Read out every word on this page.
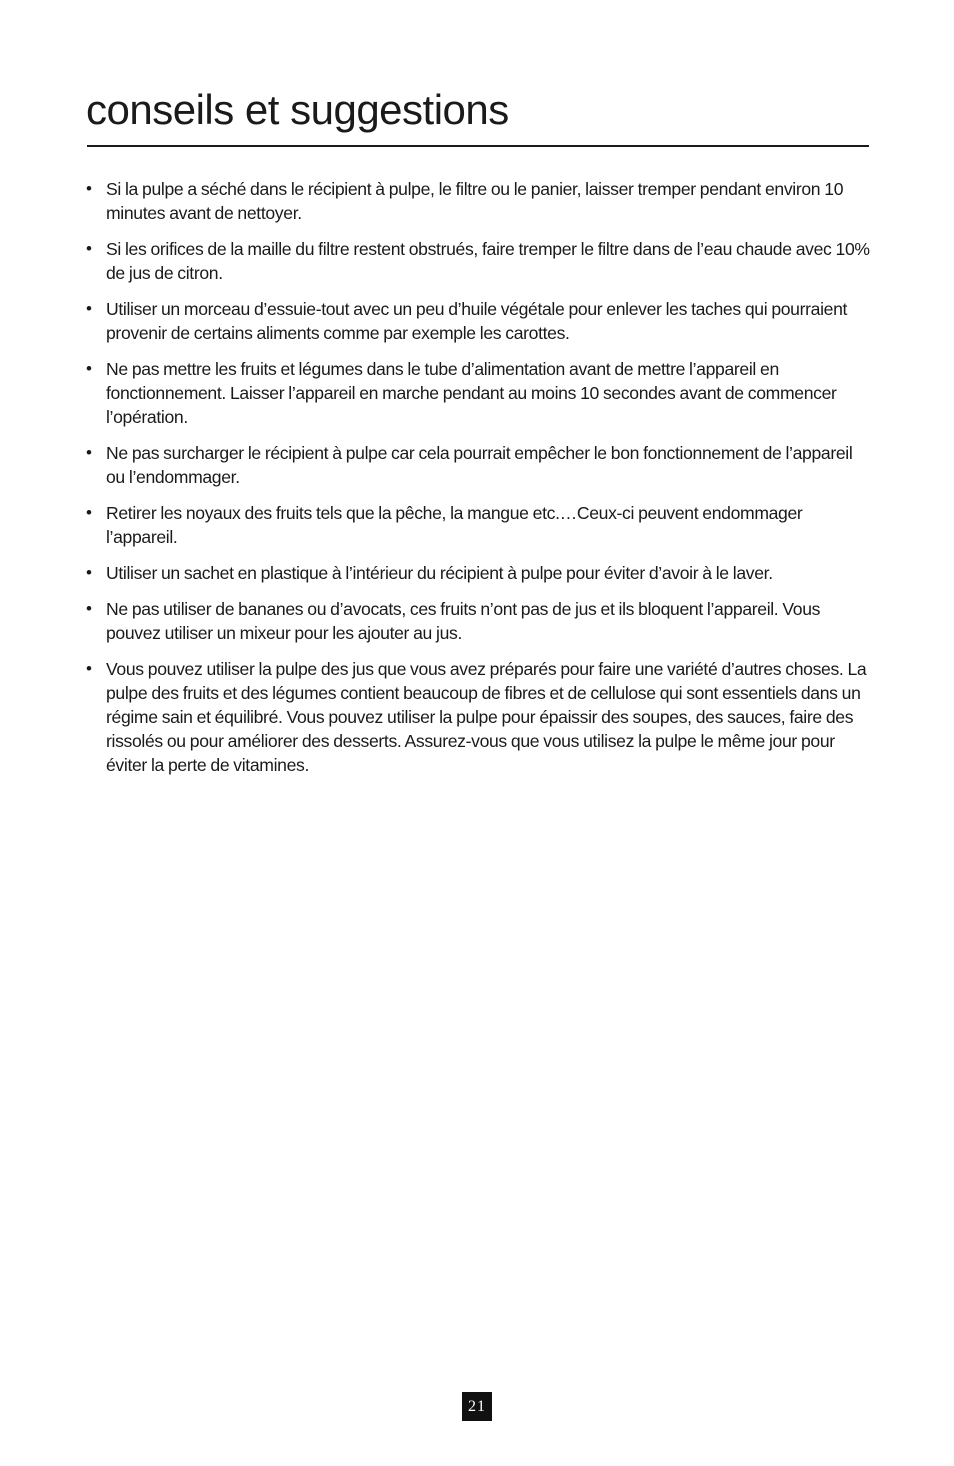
conseils et suggestions
• Si la pulpe a séché dans le récipient à pulpe, le filtre ou le panier, laisser tremper pendant environ 10 minutes avant de nettoyer.
• Si les orifices de la maille du filtre restent obstrués, faire tremper le filtre dans de l’eau chaude avec 10% de jus de citron.
• Utiliser un morceau d’essuie-tout avec un peu d’huile végétale pour enlever les taches qui pourraient provenir de certains aliments comme par exemple les carottes.
• Ne pas mettre les fruits et légumes dans le tube d’alimentation avant de mettre l’appareil en fonctionnement. Laisser l’appareil en marche pendant au moins 10 secondes avant de commencer l’opération.
• Ne pas surcharger le récipient à pulpe car cela pourrait empêcher le bon fonctionnement de l’appareil ou l’endommager.
• Retirer les noyaux des fruits tels que la pêche, la mangue etc.…Ceux-ci peuvent endommager l’appareil.
• Utiliser un sachet en plastique à l’intérieur du récipient à pulpe pour éviter d’avoir à le laver.
• Ne pas utiliser de bananes ou d’avocats, ces fruits n’ont pas de jus et ils bloquent l’appareil. Vous pouvez utiliser un mixeur pour les ajouter au jus.
• Vous pouvez utiliser la pulpe des jus que vous avez préparés pour faire une variété d’autres choses. La pulpe des fruits et des légumes contient beaucoup de fibres et de cellulose qui sont essentiels dans un régime sain et équilibré. Vous pouvez utiliser la pulpe pour épaissir des soupes, des sauces, faire des rissolés ou pour améliorer des desserts. Assurez-vous que vous utilisez la pulpe le même jour pour éviter la perte de vitamines.
21
